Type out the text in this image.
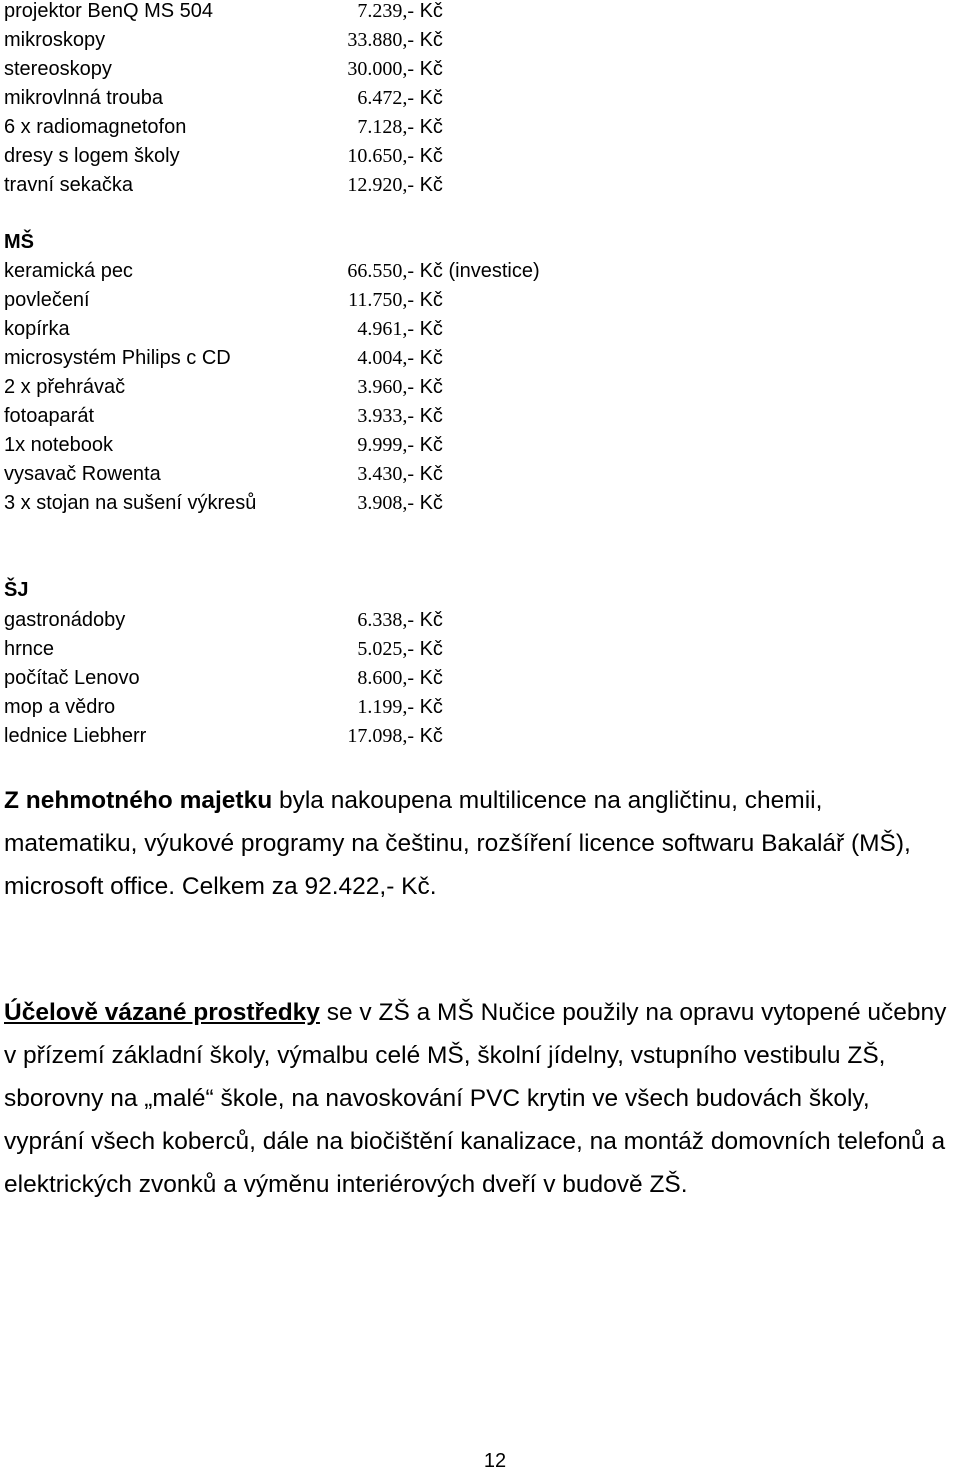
projektor BenQ MS 504	7.239,- Kč
mikroskopy	33.880,- Kč
stereoskopy	30.000,- Kč
mikrovlnná trouba	6.472,- Kč
6 x radiomagnetofon	7.128,- Kč
dresy s logem školy	10.650,- Kč
travní sekačka	12.920,- Kč
MŠ
keramická pec	66.550,- Kč (investice)
povlečení	11.750,- Kč
kopírka	4.961,- Kč
microsystém Philips c CD	4.004,- Kč
2 x přehrávač	3.960,- Kč
fotoaparát	3.933,- Kč
1x notebook	9.999,- Kč
vysavač Rowenta	3.430,- Kč
3 x stojan na sušení výkresů	3.908,- Kč
ŠJ
gastronádoby	6.338,- Kč
hrnce	5.025,- Kč
počítač Lenovo	8.600,- Kč
mop a vědro	1.199,- Kč
lednice Liebherr	17.098,- Kč
Z nehmotného majetku byla nakoupena multilicence na angličtinu, chemii, matematiku, výukové programy na češtinu, rozšíření licence softwaru Bakalář (MŠ), microsoft office. Celkem za 92.422,- Kč.
Účelově vázané prostředky se v ZŠ a MŠ Nučice použily na opravu vytopené učebny v přízemí základní školy, výmalbu celé MŠ, školní jídelny, vstupního vestibulu ZŠ, sborovny na „malé“ škole, na navoskování PVC krytin ve všech budovách školy, vyprání všech koberců, dále na biočištění kanalizace, na montáž domovních telefonů a elektrických zvonků a výměnu interiérových dveří v budově ZŠ.
12
